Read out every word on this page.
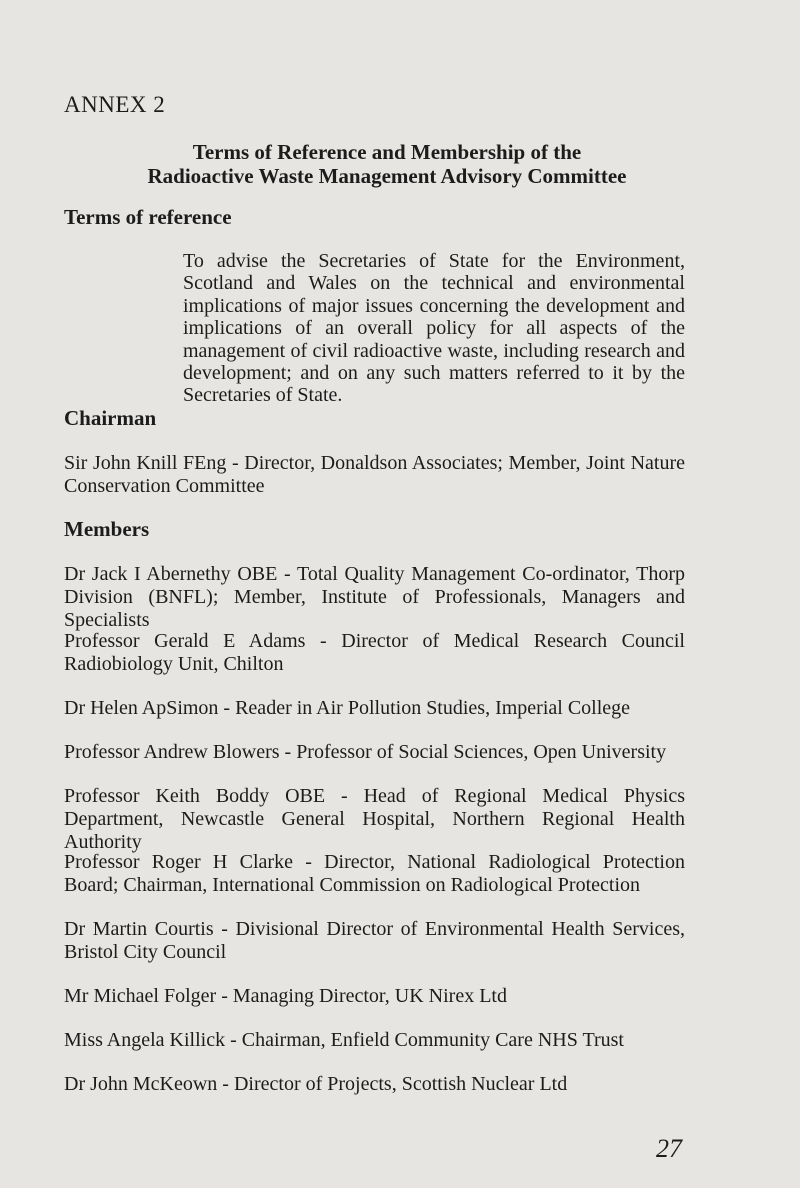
ANNEX 2
Terms of Reference and Membership of the
Radioactive Waste Management Advisory Committee
Terms of reference
To advise the Secretaries of State for the Environment, Scotland and Wales on the technical and environmental implications of major issues concerning the development and implications of an overall policy for all aspects of the management of civil radioactive waste, including research and development; and on any such matters referred to it by the Secretaries of State.
Chairman
Sir John Knill FEng - Director, Donaldson Associates; Member, Joint Nature Conservation Committee
Members
Dr Jack I Abernethy OBE - Total Quality Management Co-ordinator, Thorp Division (BNFL); Member, Institute of Professionals, Managers and Specialists
Professor Gerald E Adams - Director of Medical Research Council Radiobiology Unit, Chilton
Dr Helen ApSimon - Reader in Air Pollution Studies, Imperial College
Professor Andrew Blowers - Professor of Social Sciences, Open University
Professor Keith Boddy OBE - Head of Regional Medical Physics Department, Newcastle General Hospital, Northern Regional Health Authority
Professor Roger H Clarke - Director, National Radiological Protection Board; Chairman, International Commission on Radiological Protection
Dr Martin Courtis - Divisional Director of Environmental Health Services, Bristol City Council
Mr Michael Folger - Managing Director, UK Nirex Ltd
Miss Angela Killick - Chairman, Enfield Community Care NHS Trust
Dr John McKeown - Director of Projects, Scottish Nuclear Ltd
27
